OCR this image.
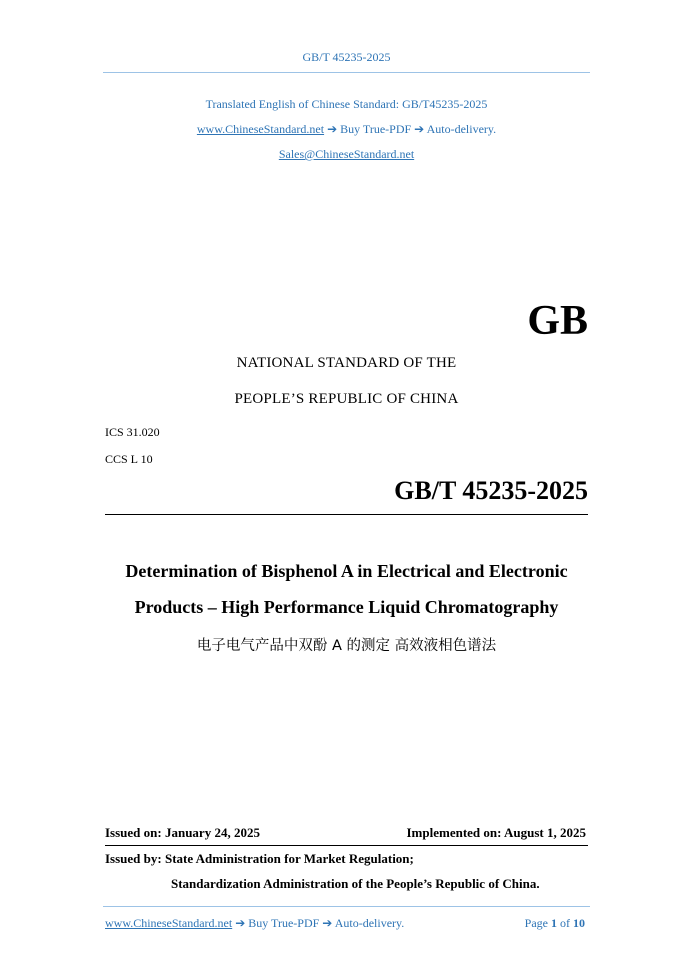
GB/T 45235-2025
Translated English of Chinese Standard: GB/T45235-2025
www.ChineseStandard.net ➔ Buy True-PDF ➔ Auto-delivery.
Sales@ChineseStandard.net
GB
NATIONAL STANDARD OF THE
PEOPLE’S REPUBLIC OF CHINA
ICS 31.020
CCS L 10
GB/T 45235-2025
Determination of Bisphenol A in Electrical and Electronic
Products – High Performance Liquid Chromatography
电子电气产品中双酚 A 的测定 高效液相色谱法
Issued on: January 24, 2025	Implemented on: August 1, 2025
Issued by: State Administration for Market Regulation;
Standardization Administration of the People’s Republic of China.
www.ChineseStandard.net ➔ Buy True-PDF ➔ Auto-delivery.	Page 1 of 10
